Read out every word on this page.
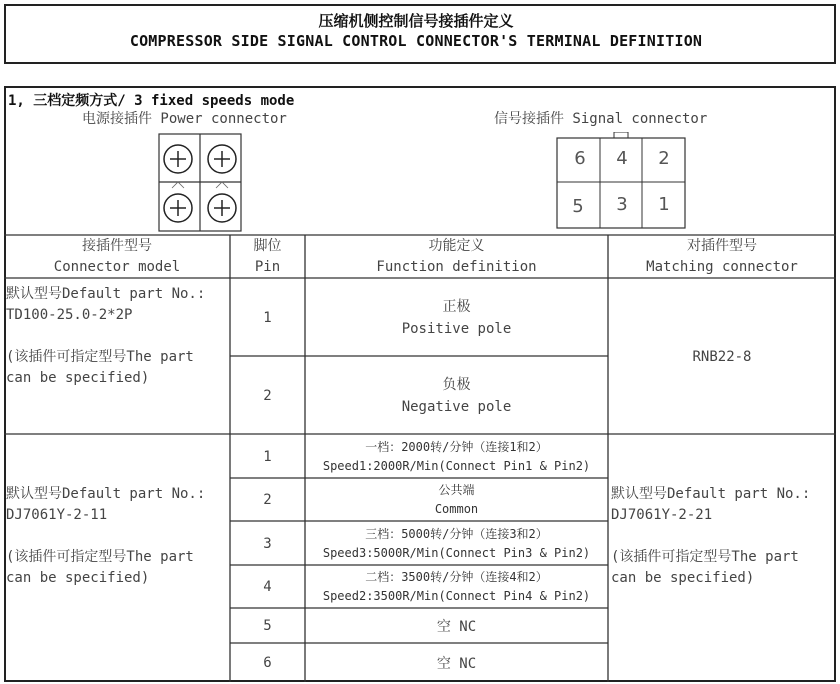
压缩机侧控制信号接插件定义
COMPRESSOR SIDE SIGNAL CONTROL CONNECTOR'S TERMINAL DEFINITION
1, 三档定频方式/ 3 fixed speeds mode
电源接插件 Power connector	信号接插件 Signal connector
6 4 2
5 3 1
接插件型号
Connector model
脚位
Pin
功能定义
Function definition
对插件型号
Matching connector
默认型号Default part No.:
TD100-25.0-2*2P
(该插件可指定型号The part
can be specified)
1
2
正极
Positive pole
负极
Negative pole
RNB22-8
默认型号Default part No.:
DJ7061Y-2-11
(该插件可指定型号The part
can be specified)
默认型号Default part No.:
DJ7061Y-2-21
(该插件可指定型号The part
can be specified)
1
2
3
4
5
6
一档：2000转/分钟（连接1和2）
Speed1:2000R/Min(Connect Pin1 & Pin2)
公共端
Common
三档：5000转/分钟（连接3和2）
Speed3:5000R/Min(Connect Pin3 & Pin2)
二档：3500转/分钟（连接4和2）
Speed2:3500R/Min(Connect Pin4 & Pin2)
空 NC
空 NC
